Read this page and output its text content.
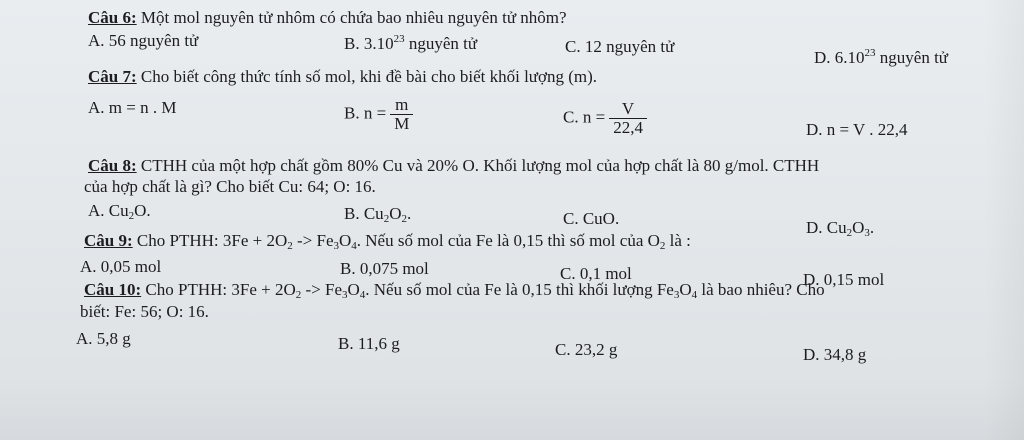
Câu 6: Một mol nguyên tử nhôm có chứa bao nhiêu nguyên tử nhôm?
A. 56 nguyên tử	B. 3.10$^{23}$ nguyên tử	C. 12 nguyên tử
D. 6.10$^{23}$ nguyên tử
Câu 7: Cho biết công thức tính số mol, khi đề bài cho biết khối lượng (m).
A. m = n . M	B. $n = \frac{m}{M}$	C. $n = \frac{V}{22,4}$	D. n = V . 22,4
Câu 8: CTHH của một hợp chất gồm 80% Cu và 20% O. Khối lượng mol của hợp chất là 80 g/mol. CTHH
của hợp chất là gì? Cho biết Cu: 64; O: 16.
A. $Cu_2O$.	B. $Cu_2O_2$.	C. CuO.	D. $Cu_2O_3$.
Câu 9: Cho PTHH: $3Fe + 2O_2 -> Fe_3O_4$. Nếu số mol của Fe là 0,15 thì số mol của $O_2$ là :
A. 0,05 mol	B. 0,075 mol	C. 0,1 mol	D. 0,15 mol
Câu 10: Cho PTHH: $3Fe + 2O_2 -> Fe_3O_4$. Nếu số mol của Fe là 0,15 thì khối lượng $Fe_3O_4$ là bao nhiêu? Cho
biết: Fe: 56; O: 16.
A. 5,8 g	B. 11,6 g	C. 23,2 g	D. 34,8 g
